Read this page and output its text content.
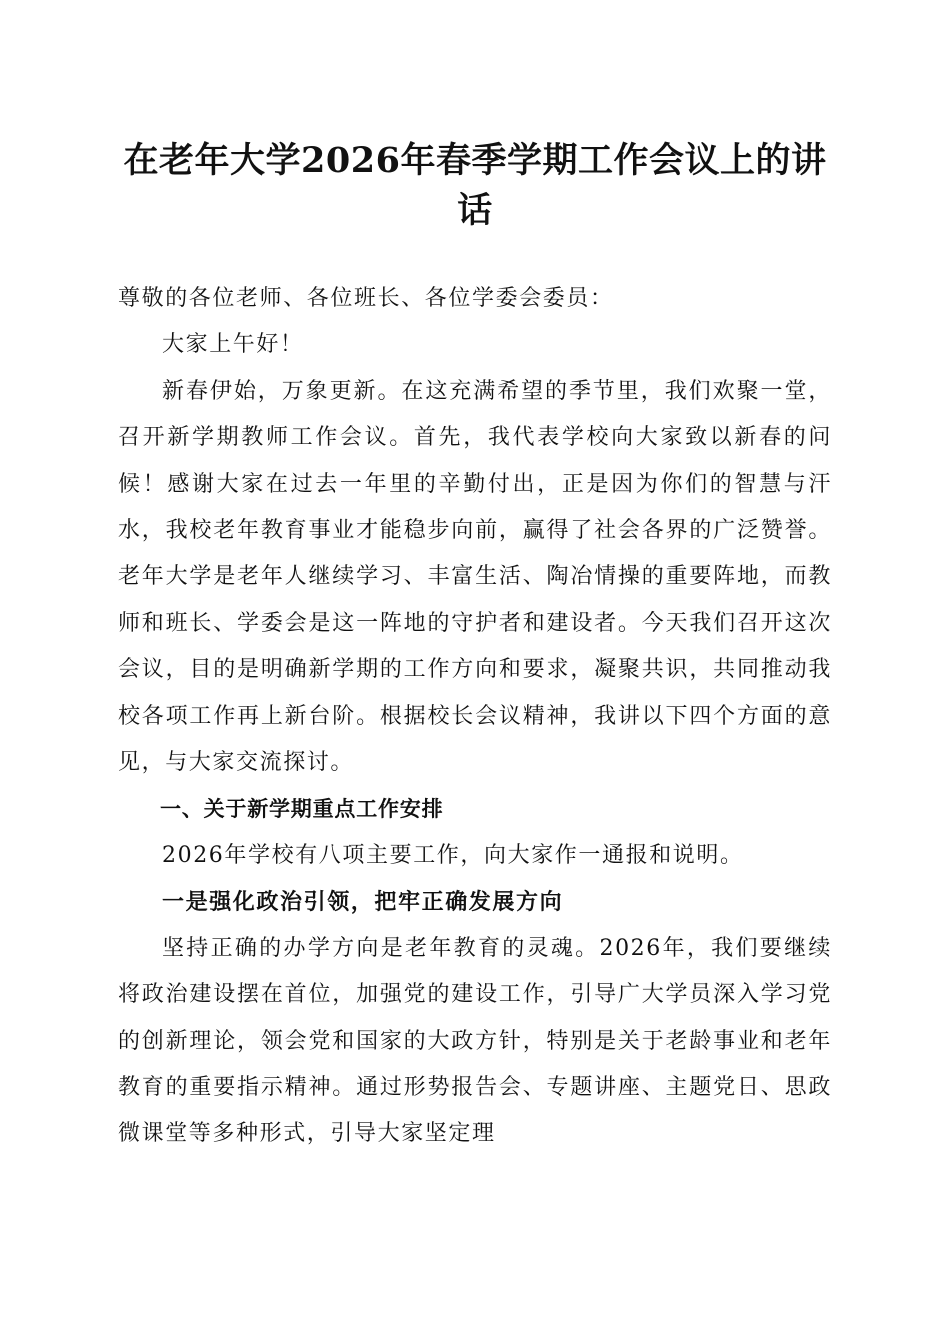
在老年大学2026年春季学期工作会议上的讲话

尊敬的各位老师、各位班长、各位学委会委员：

大家上午好！

新春伊始，万象更新。在这充满希望的季节里，我们欢聚一堂，召开新学期教师工作会议。首先，我代表学校向大家致以新春的问候！感谢大家在过去一年里的辛勤付出，正是因为你们的智慧与汗水，我校老年教育事业才能稳步向前，赢得了社会各界的广泛赞誉。老年大学是老年人继续学习、丰富生活、陶冶情操的重要阵地，而教师和班长、学委会是这一阵地的守护者和建设者。今天我们召开这次会议，目的是明确新学期的工作方向和要求，凝聚共识，共同推动我校各项工作再上新台阶。根据校长会议精神，我讲以下四个方面的意见，与大家交流探讨。

一、关于新学期重点工作安排

2026年学校有八项主要工作，向大家作一通报和说明。

一是强化政治引领，把牢正确发展方向

坚持正确的办学方向是老年教育的灵魂。2026年，我们要继续将政治建设摆在首位，加强党的建设工作，引导广大学员深入学习党的创新理论，领会党和国家的大政方针，特别是关于老龄事业和老年教育的重要指示精神。通过形势报告会、专题讲座、主题党日、思政微课堂等多种形式，引导大家坚定理
